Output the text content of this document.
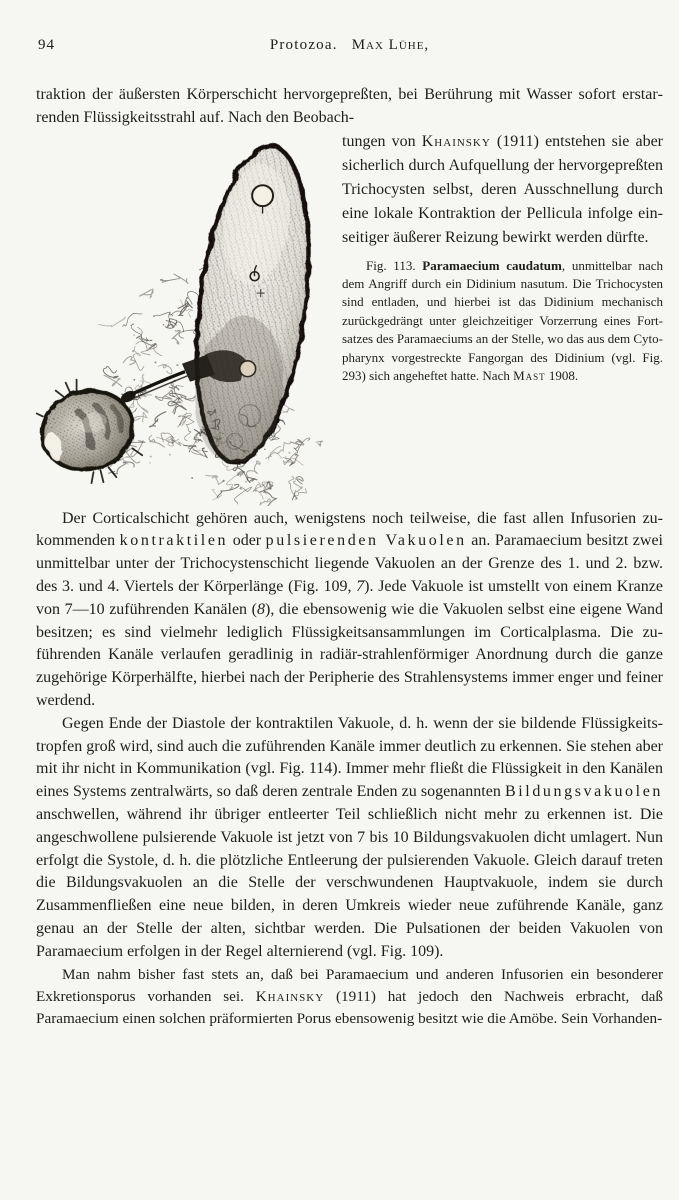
94	Protozoa. Max Lühe,

traktion der äußersten Körperschicht hervorgepreßten, bei Berührung mit Wasser sofort erstarrenden Flüssigkeitsstrahl auf. Nach den Beobach-

tungen von Khainsky (1911) entstehen sie aber sicherlich durch Aufquellung der hervorgepreßten Trichocysten selbst, deren Ausschnellung durch eine lokale Kontraktion der Pellicula infolge einseitiger äußerer Reizung bewirkt werden dürfte.

Fig. 113. Paramaecium caudatum, unmittelbar nach dem Angriff durch ein Didinium nasutum. Die Trichocysten sind entladen, und hierbei ist das Didinium mechanisch zurückgedrängt unter gleichzeitiger Vorzerrung eines Fortsatzes des Paramaeciums an der Stelle, wo das aus dem Cytopharynx vorgestreckte Fangorgan des Didinium (vgl. Fig. 293) sich angeheftet hatte. Nach Mast 1908.

Der Corticalschicht gehören auch, wenigstens noch teilweise, die fast allen Infusorien zukommenden kontraktilen oder pulsierenden Vakuolen an. Paramaecium besitzt zwei unmittelbar unter der Trichocystenschicht liegende Vakuolen an der Grenze des 1. und 2. bzw. des 3. und 4. Viertels der Körperlänge (Fig. 109, 7). Jede Vakuole ist umstellt von einem Kranze von 7—10 zuführenden Kanälen (8), die ebensowenig wie die Vakuolen selbst eine eigene Wand besitzen; es sind vielmehr lediglich Flüssigkeitsansammlungen im Corticalplasma. Die zuführenden Kanäle verlaufen geradlinig in radiär-strahlenförmiger Anordnung durch die ganze zugehörige Körperhälfte, hierbei nach der Peripherie des Strahlensystems immer enger und feiner werdend.

Gegen Ende der Diastole der kontraktilen Vakuole, d. h. wenn der sie bildende Flüssigkeitstropfen groß wird, sind auch die zuführenden Kanäle immer deutlich zu erkennen. Sie stehen aber mit ihr nicht in Kommunikation (vgl. Fig. 114). Immer mehr fließt die Flüssigkeit in den Kanälen eines Systems zentralwärts, so daß deren zentrale Enden zu sogenannten Bildungsvakuolen anschwellen, während ihr übriger entleerter Teil schließlich nicht mehr zu erkennen ist. Die angeschwollene pulsierende Vakuole ist jetzt von 7 bis 10 Bildungsvakuolen dicht umlagert. Nun erfolgt die Systole, d. h. die plötzliche Entleerung der pulsierenden Vakuole. Gleich darauf treten die Bildungsvakuolen an die Stelle der verschwundenen Hauptvakuole, indem sie durch Zusammenfließen eine neue bilden, in deren Umkreis wieder neue zuführende Kanäle, ganz genau an der Stelle der alten, sichtbar werden. Die Pulsationen der beiden Vakuolen von Paramaecium erfolgen in der Regel alternierend (vgl. Fig. 109).

Man nahm bisher fast stets an, daß bei Paramaecium und anderen Infusorien ein besonderer Exkretionsporus vorhanden sei. Khainsky (1911) hat jedoch den Nachweis erbracht, daß Paramaecium einen solchen präformierten Porus ebensowenig besitzt wie die Amöbe. Sein Vorhanden-
